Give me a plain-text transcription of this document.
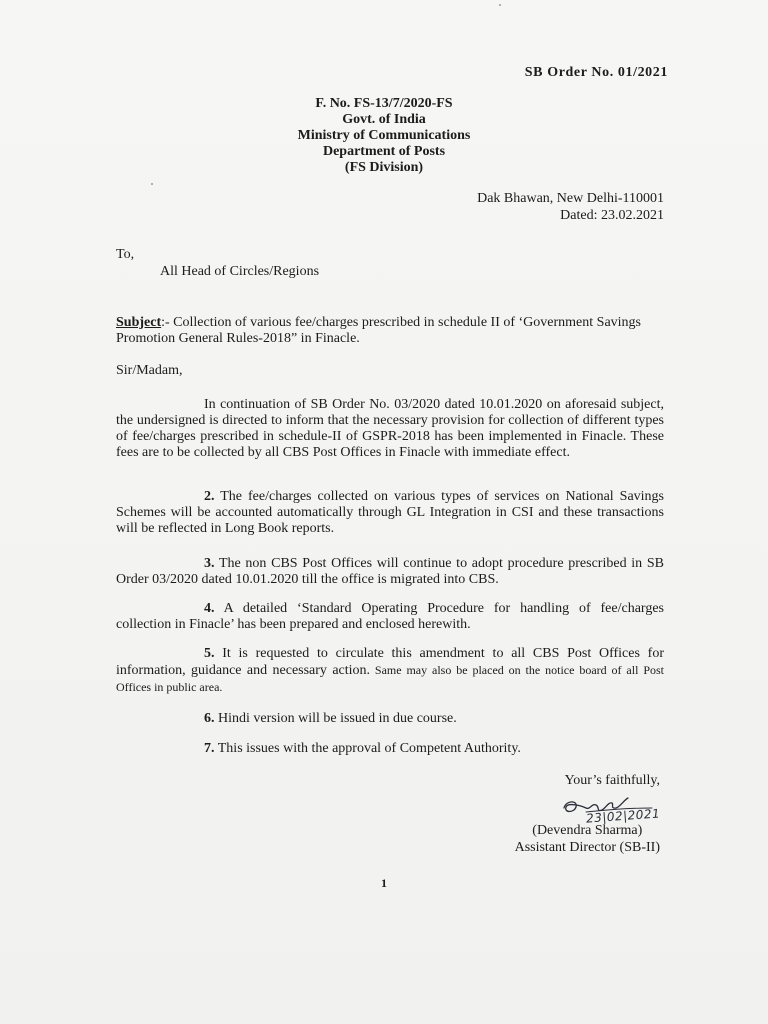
SB Order No. 01/2021
F. No. FS-13/7/2020-FS
Govt. of India
Ministry of Communications
Department of Posts
(FS Division)
Dak Bhawan, New Delhi-110001
Dated: 23.02.2021
To,
All Head of Circles/Regions
Subject:- Collection of various fee/charges prescribed in schedule II of ‘Government Savings Promotion General Rules-2018” in Finacle.
Sir/Madam,
In continuation of SB Order No. 03/2020 dated 10.01.2020 on aforesaid subject, the undersigned is directed to inform that the necessary provision for collection of different types of fee/charges prescribed in schedule-II of GSPR-2018 has been implemented in Finacle. These fees are to be collected by all CBS Post Offices in Finacle with immediate effect.
2. The fee/charges collected on various types of services on National Savings Schemes will be accounted automatically through GL Integration in CSI and these transactions will be reflected in Long Book reports.
3. The non CBS Post Offices will continue to adopt procedure prescribed in SB Order 03/2020 dated 10.01.2020 till the office is migrated into CBS.
4. A detailed ‘Standard Operating Procedure for handling of fee/charges collection in Finacle’ has been prepared and enclosed herewith.
5. It is requested to circulate this amendment to all CBS Post Offices for information, guidance and necessary action. Same may also be placed on the notice board of all Post Offices in public area.
6. Hindi version will be issued in due course.
7. This issues with the approval of Competent Authority.
Your’s faithfully,
23|02|2021
(Devendra Sharma)
Assistant Director (SB-II)
1
